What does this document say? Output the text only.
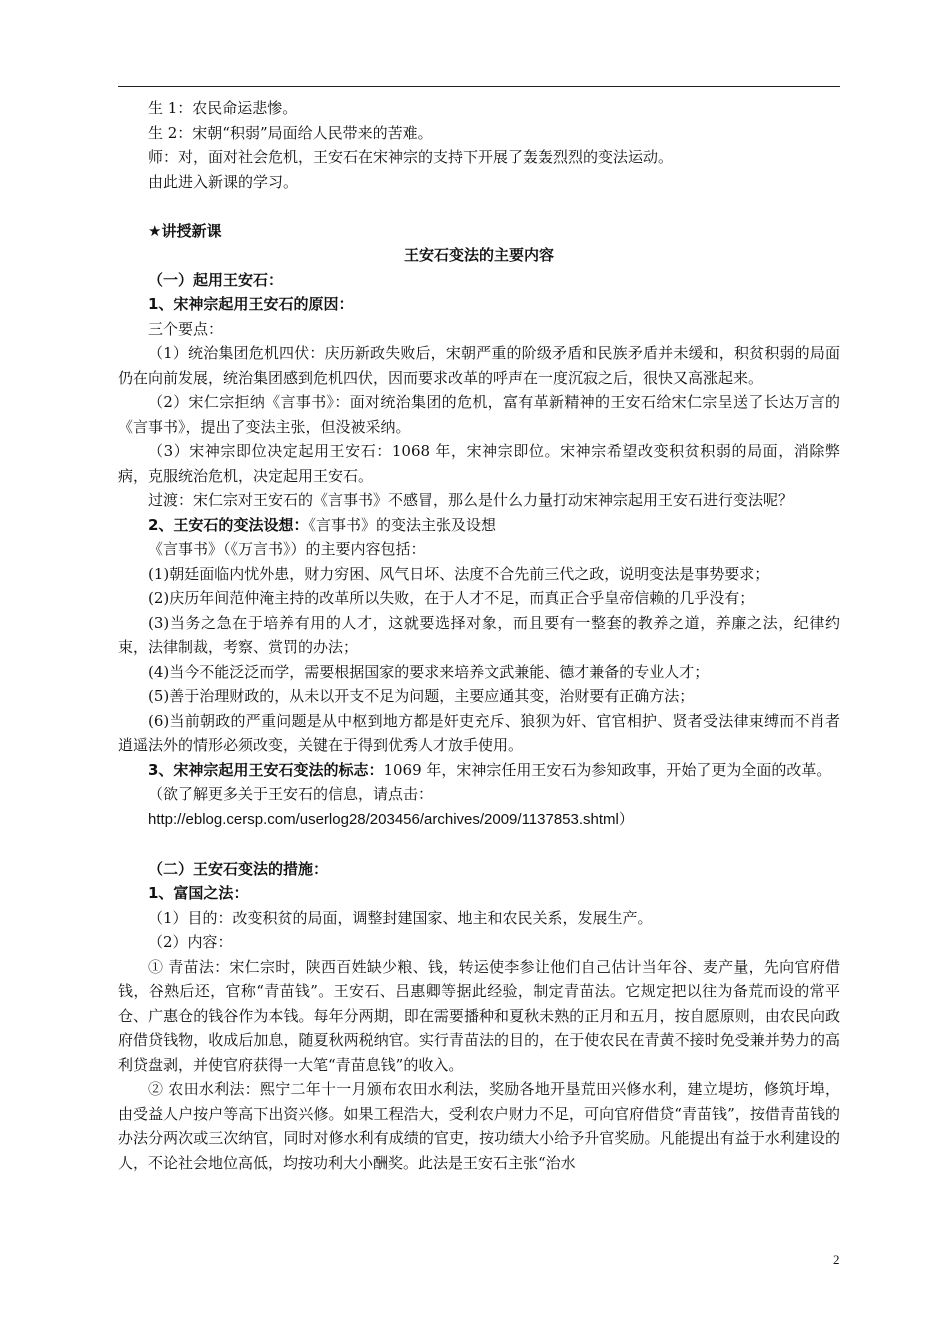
生 1：农民命运悲惨。

生 2：宋朝“积弱”局面给人民带来的苦难。

师：对，面对社会危机，王安石在宋神宗的支持下开展了轰轰烈烈的变法运动。

由此进入新课的学习。

★讲授新课

王安石变法的主要内容

（一）起用王安石：

1、宋神宗起用王安石的原因：

三个要点：

（1）统治集团危机四伏：庆历新政失败后，宋朝严重的阶级矛盾和民族矛盾并未缓和，积贫积弱的局面仍在向前发展，统治集团感到危机四伏，因而要求改革的呼声在一度沉寂之后，很快又高涨起来。

（2）宋仁宗拒纳《言事书》：面对统治集团的危机，富有革新精神的王安石给宋仁宗呈送了长达万言的《言事书》，提出了变法主张，但没被采纳。

（3）宋神宗即位决定起用王安石：1068 年，宋神宗即位。宋神宗希望改变积贫积弱的局面，消除弊病，克服统治危机，决定起用王安石。

过渡：宋仁宗对王安石的《言事书》不感冒，那么是什么力量打动宋神宗起用王安石进行变法呢？

2、王安石的变法设想：《言事书》的变法主张及设想

《言事书》（《万言书》）的主要内容包括：

(1)朝廷面临内忧外患，财力穷困、风气日坏、法度不合先前三代之政，说明变法是事势要求；

(2)庆历年间范仲淹主持的改革所以失败，在于人才不足，而真正合乎皇帝信赖的几乎没有；

(3)当务之急在于培养有用的人才，这就要选择对象，而且要有一整套的教养之道，养廉之法，纪律约束，法律制裁，考察、赏罚的办法；

(4)当今不能泛泛而学，需要根据国家的要求来培养文武兼能、德才兼备的专业人才；

(5)善于治理财政的，从未以开支不足为问题，主要应通其变，治财要有正确方法；

(6)当前朝政的严重问题是从中枢到地方都是奸吏充斥、狼狈为奸、官官相护、贤者受法律束缚而不肖者逍遥法外的情形必须改变，关键在于得到优秀人才放手使用。

3、宋神宗起用王安石变法的标志：1069 年，宋神宗任用王安石为参知政事，开始了更为全面的改革。

（欲了解更多关于王安石的信息，请点击：

http://eblog.cersp.com/userlog28/203456/archives/2009/1137853.shtml）

（二）王安石变法的措施：

1、富国之法：

（1）目的：改变积贫的局面，调整封建国家、地主和农民关系，发展生产。

（2）内容：

① 青苗法：宋仁宗时，陕西百姓缺少粮、钱，转运使李参让他们自己估计当年谷、麦产量，先向官府借钱，谷熟后还，官称“青苗钱”。王安石、吕惠卿等据此经验，制定青苗法。它规定把以往为备荒而设的常平仓、广惠仓的钱谷作为本钱。每年分两期，即在需要播种和夏秋未熟的正月和五月，按自愿原则，由农民向政府借贷钱物，收成后加息，随夏秋两税纳官。实行青苗法的目的，在于使农民在青黄不接时免受兼并势力的高利贷盘剥，并使官府获得一大笔“青苗息钱”的收入。

② 农田水利法：熙宁二年十一月颁布农田水利法，奖励各地开垦荒田兴修水利，建立堤坊，修筑圩埠，由受益人户按户等高下出资兴修。如果工程浩大，受利农户财力不足，可向官府借贷“青苗钱”，按借青苗钱的办法分两次或三次纳官，同时对修水利有成绩的官吏，按功绩大小给予升官奖励。凡能提出有益于水利建设的人，不论社会地位高低，均按功利大小酬奖。此法是王安石主张“治水

2
